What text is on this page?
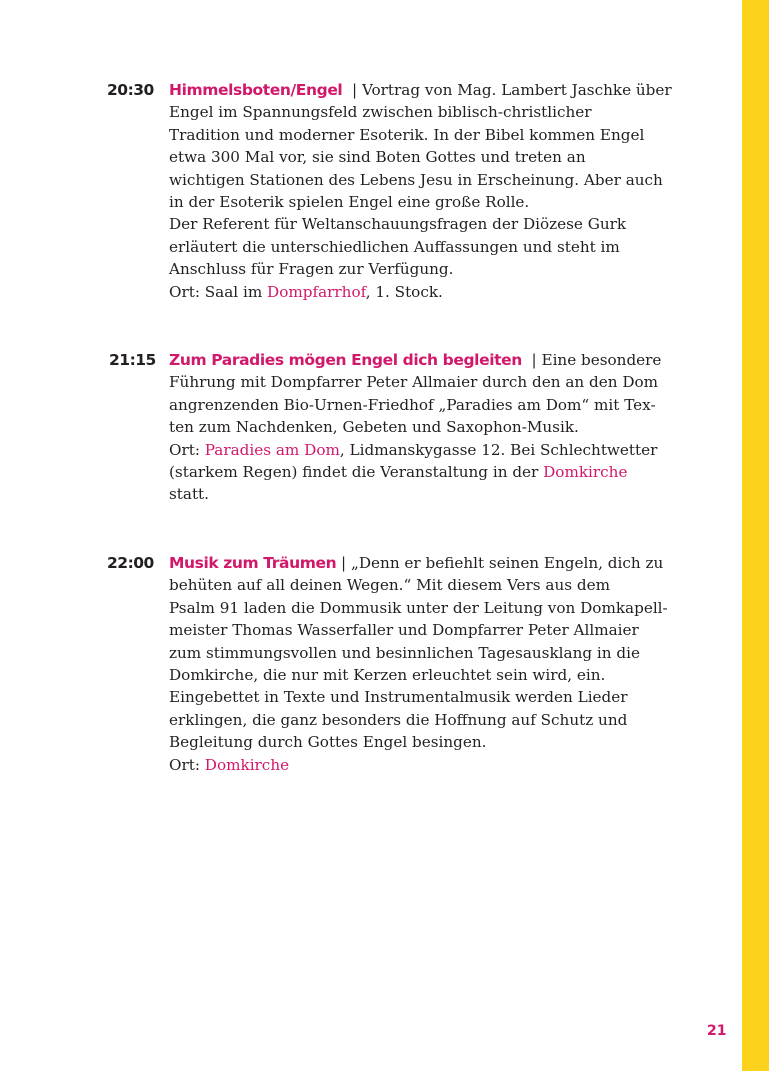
20:30 Himmelsboten/Engel  | Vortrag von Mag. Lambert Jaschke über

Engel im Spannungsfeld zwischen biblisch-christlicher

Tradition und moderner Esoterik. In der Bibel kommen Engel

etwa 300 Mal vor, sie sind Boten Gottes und treten an

wichtigen Stationen des Lebens Jesu in Erscheinung. Aber auch

in der Esoterik spielen Engel eine große Rolle.

Der Referent für Weltanschauungsfragen der Diözese Gurk

erläutert die unterschiedlichen Auffassungen und steht im

Anschluss für Fragen zur Verfügung.

Ort: Saal im Dompfarrhof, 1. Stock.

21:15 Zum Paradies mögen Engel dich begleiten  | Eine besondere

Führung mit Dompfarrer Peter Allmaier durch den an den Dom

angrenzenden Bio-Urnen-Friedhof „Paradies am Dom“ mit Tex-

ten zum Nachdenken, Gebeten und Saxophon-Musik.

Ort: Paradies am Dom, Lidmanskygasse 12. Bei Schlechtwetter

(starkem Regen) findet die Veranstaltung in der Domkirche

statt.

22:00 Musik zum Träumen | „Denn er befiehlt seinen Engeln, dich zu

behüten auf all deinen Wegen.“ Mit diesem Vers aus dem

Psalm 91 laden die Dommusik unter der Leitung von Domkapell-

meister Thomas Wasserfaller und Dompfarrer Peter Allmaier

zum stimmungsvollen und besinnlichen Tagesausklang in die

Domkirche, die nur mit Kerzen erleuchtet sein wird, ein.

Eingebettet in Texte und Instrumentalmusik werden Lieder

erklingen, die ganz besonders die Hoffnung auf Schutz und

Begleitung durch Gottes Engel besingen.

Ort: Domkirche

21
